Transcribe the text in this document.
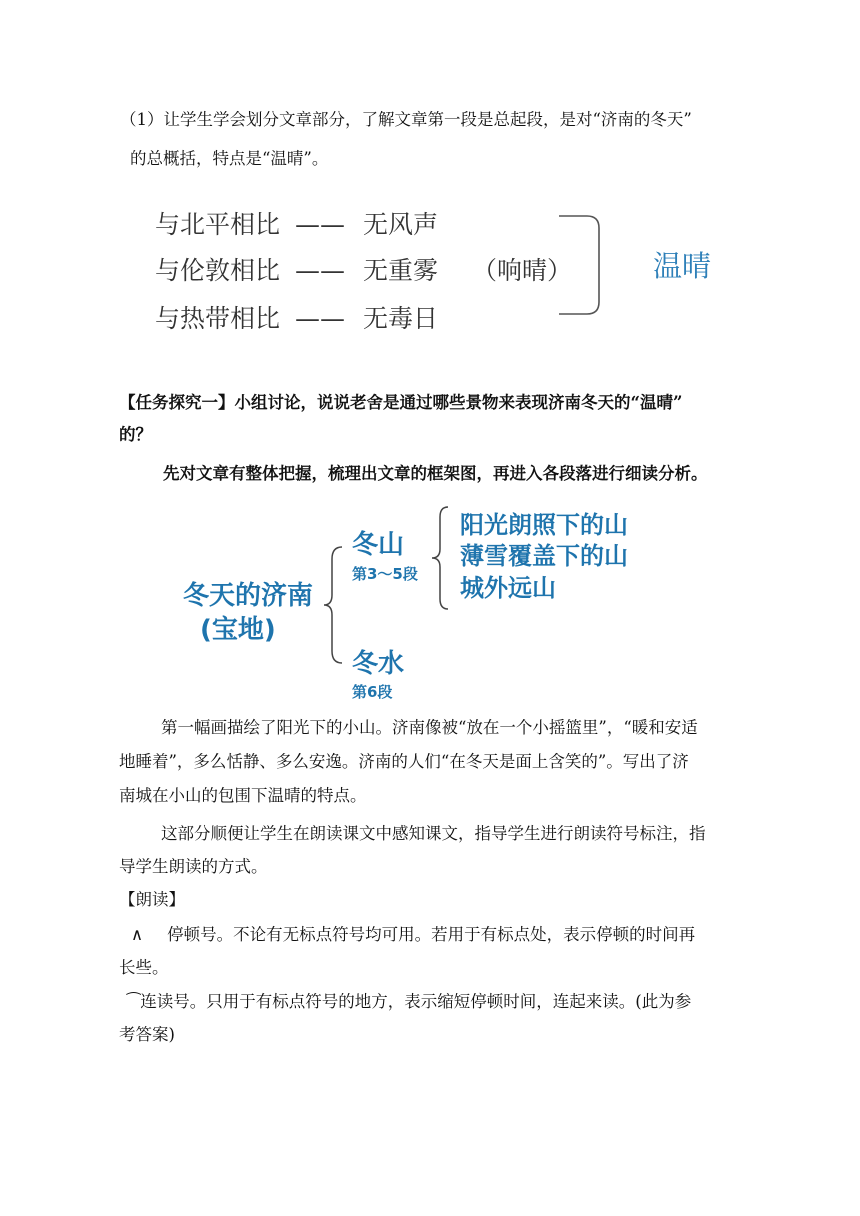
（1）让学生学会划分文章部分，了解文章第一段是总起段，是对“济南的冬天”
的总概括，特点是“温晴”。
与北平相比 —— 无风声
与伦敦相比 —— 无重雾 （响晴）
与热带相比 —— 无毒日
温晴
【任务探究一】小组讨论，说说老舍是通过哪些景物来表现济南冬天的“温晴”
的？
先对文章有整体把握，梳理出文章的框架图，再进入各段落进行细读分析。
冬天的济南
(宝地)
冬山
第3～5段
阳光朗照下的山
薄雪覆盖下的山
城外远山
冬水
第6段
第一幅画描绘了阳光下的小山。济南像被“放在一个小摇篮里”，“暖和安适
地睡着”，多么恬静、多么安逸。济南的人们“在冬天是面上含笑的”。写出了济
南城在小山的包围下温晴的特点。
这部分顺便让学生在朗读课文中感知课文，指导学生进行朗读符号标注，指
导学生朗读的方式。
【朗读】
∧ 停顿号。不论有无标点符号均可用。若用于有标点处，表示停顿的时间再
长些。
⁀连读号。只用于有标点符号的地方，表示缩短停顿时间，连起来读。(此为参
考答案)
